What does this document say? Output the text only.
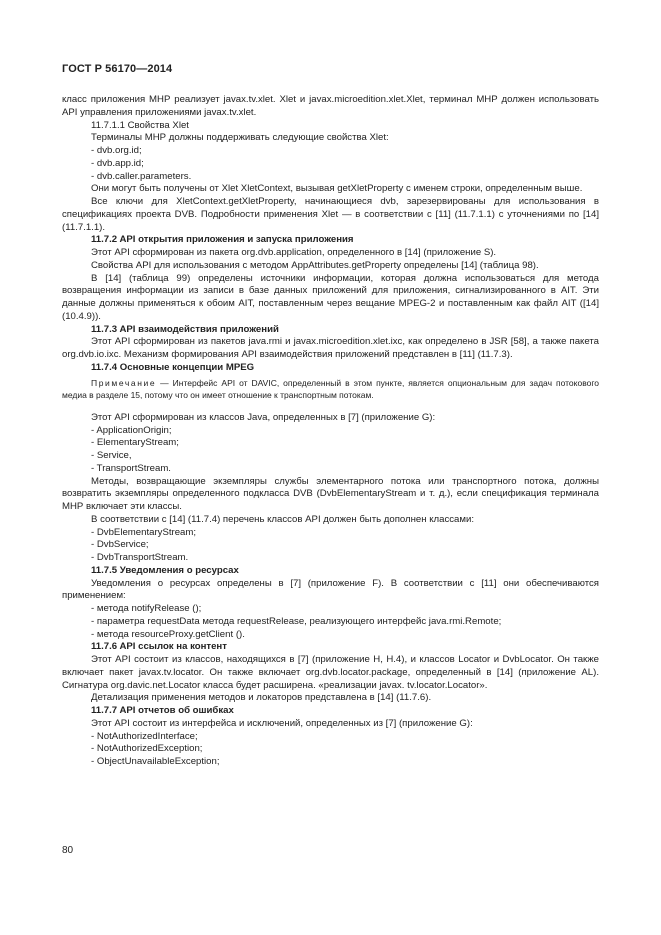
ГОСТ Р 56170—2014

класс приложения МНР реализует javax.tv.xlet. Xlet и javax.microedition.xlet.Xlet, терминал МНР должен использовать API управления приложениями javax.tv.xlet.

11.7.1.1 Свойства Xlet

Терминалы МНР должны поддерживать следующие свойства Xlet:

- dvb.org.id;

- dvb.app.id;

- dvb.caller.parameters.

Они могут быть получены от Xlet XletContext, вызывая getXletProperty с именем строки, определенным выше.

Все ключи для XletContext.getXletProperty, начинающиеся dvb, зарезервированы для использования в спецификациях проекта DVB. Подробности применения Xlet — в соответствии с [11] (11.7.1.1) с уточнениями по [14] (11.7.1.1).

11.7.2 API открытия приложения и запуска приложения

Этот API сформирован из пакета org.dvb.application, определенного в [14] (приложение S).

Свойства API для использования с методом AppAttributes.getProperty определены [14] (таблица 98).

В [14] (таблица 99) определены источники информации, которая должна использоваться для метода возвращения информации из записи в базе данных приложений для приложения, сигнализированного в AIT. Эти данные должны применяться к обоим AIT, поставленным через вещание MPEG-2 и поставленным как файл AIT ([14] (10.4.9)).

11.7.3 API взаимодействия приложений

Этот API сформирован из пакетов java.rmi и javax.microedition.xlet.ixc, как определено в JSR [58], а также пакета org.dvb.io.ixc. Механизм формирования API взаимодействия приложений представлен в [11] (11.7.3).

11.7.4 Основные концепции MPEG

Примечание — Интерфейс API от DAVIC, определенный в этом пункте, является опциональным для задач потокового медиа в разделе 15, потому что он имеет отношение к транспортным потокам.

Этот API сформирован из классов Java, определенных в [7] (приложение G):

- ApplicationOrigin;

- ElementaryStream;

- Service,

- TransportStream.

Методы, возвращающие экземпляры службы элементарного потока или транспортного потока, должны возвратить экземпляры определенного подкласса DVB (DvbElementaryStream и т. д.), если спецификация терминала МНР включает эти классы.

В соответствии с [14] (11.7.4) перечень классов API должен быть дополнен классами:

- DvbElementaryStream;

- DvbService;

- DvbTransportStream.

11.7.5 Уведомления о ресурсах

Уведомления о ресурсах определены в [7] (приложение F). В соответствии с [11] они обеспечиваются применением:

- метода notifyRelease ();

- параметра requestData метода requestRelease, реализующего интерфейс java.rmi.Remote;

- метода resourceProxy.getClient ().

11.7.6 API ссылок на контент

Этот API состоит из классов, находящихся в [7] (приложение Н, Н.4), и классов Locator и DvbLocator. Он также включает пакет javax.tv.locator. Он также включает org.dvb.locator.package, определенный в [14] (приложение AL). Сигнатура org.davic.net.Locator класса будет расширена. «реализации javax. tv.locator.Locator».

Детализация применения методов и локаторов представлена в [14] (11.7.6).

11.7.7 API отчетов об ошибках

Этот API состоит из интерфейса и исключений, определенных из [7] (приложение G):

- NotAuthorizedInterface;

- NotAuthorizedException;

- ObjectUnavailableException;

80
